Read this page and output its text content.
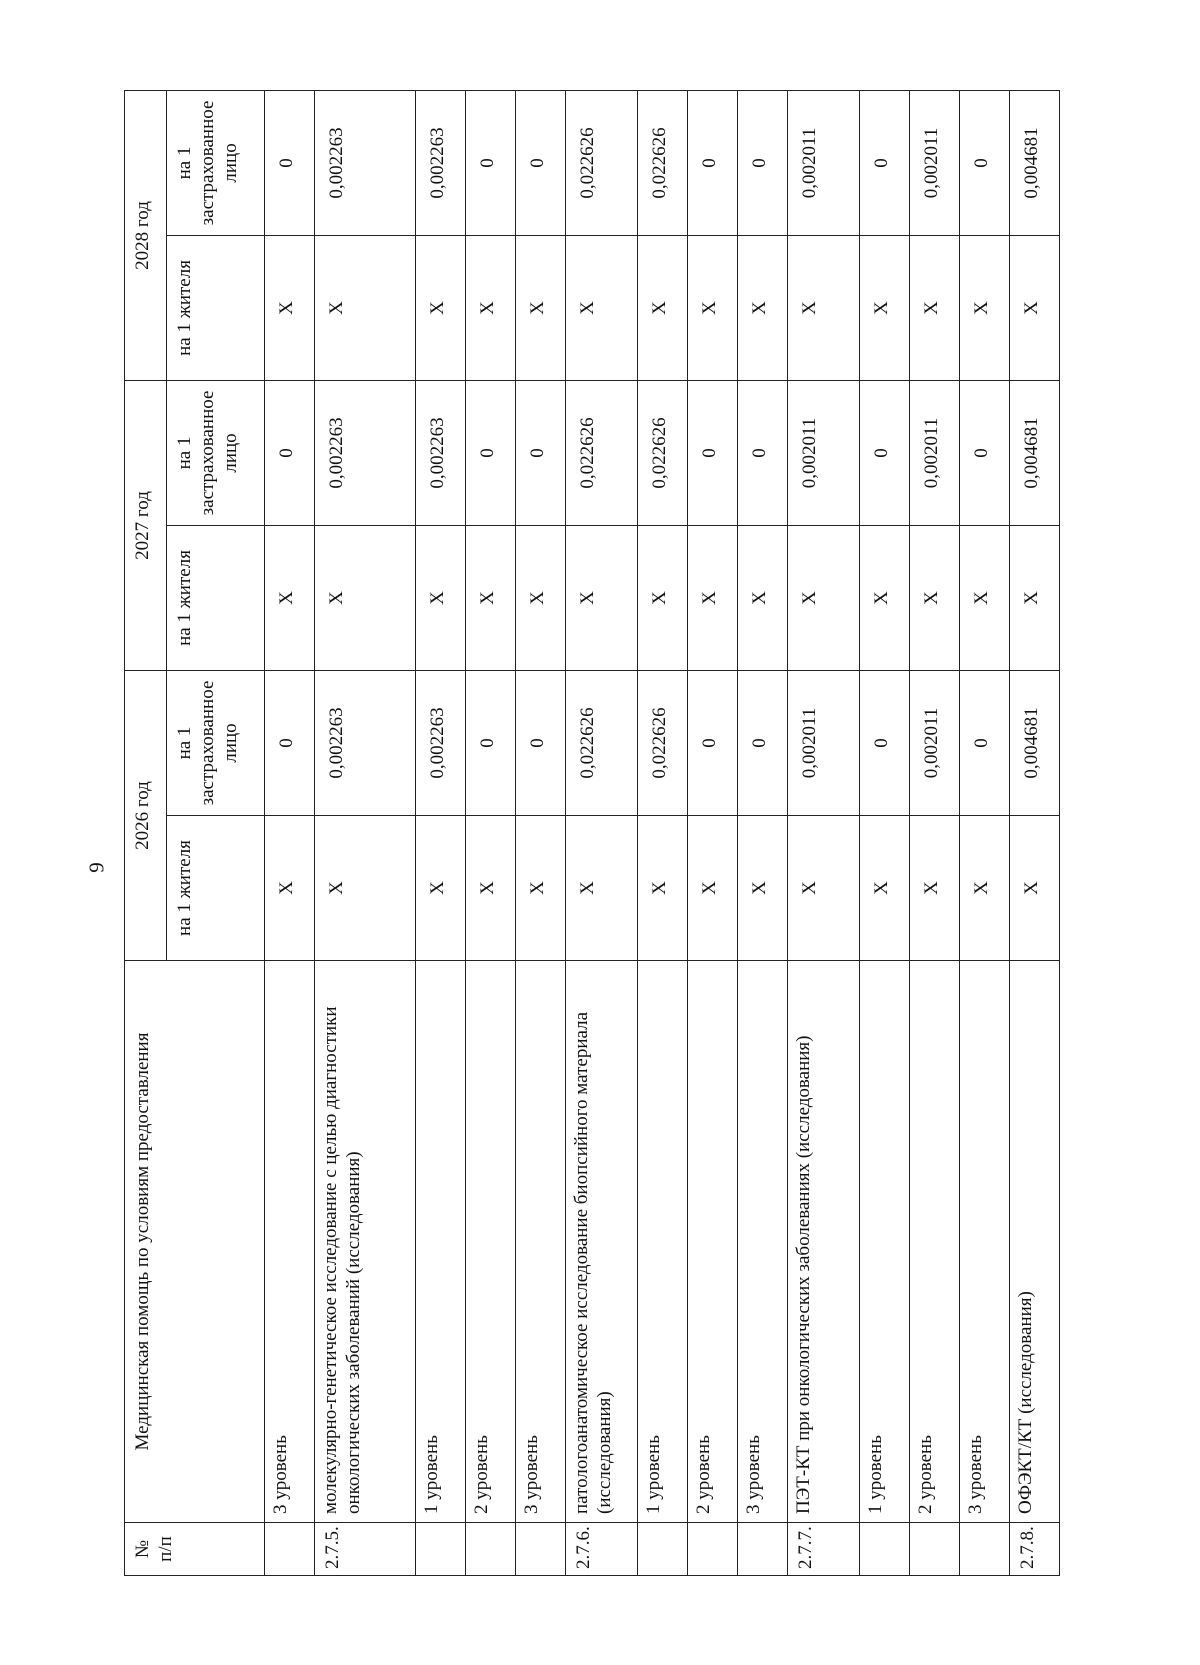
9
№ п/п	Медицинская помощь по условиям предоставления	2026 год		2027 год		2028 год	
		на 1 жителя	на 1 застрахованное лицо	на 1 жителя	на 1 застрахованное лицо	на 1 жителя	на 1 застрахованное лицо
	3 уровень	X	0	X	0	X	0
2.7.5.	молекулярно-генетическое исследование с целью диагностики онкологических заболеваний (исследования)	X	0,002263	X	0,002263	X	0,002263
	1 уровень	X	0,002263	X	0,002263	X	0,002263
	2 уровень	X	0	X	0	X	0
	3 уровень	X	0	X	0	X	0
2.7.6.	патологоанатомическое исследование биопсийного материала (исследования)	X	0,022626	X	0,022626	X	0,022626
	1 уровень	X	0,022626	X	0,022626	X	0,022626
	2 уровень	X	0	X	0	X	0
	3 уровень	X	0	X	0	X	0
2.7.7.	ПЭТ-КТ при онкологических заболеваниях (исследования)	X	0,002011	X	0,002011	X	0,002011
	1 уровень	X	0	X	0	X	0
	2 уровень	X	0,002011	X	0,002011	X	0,002011
	3 уровень	X	0	X	0	X	0
2.7.8.	ОФЭКТ/КТ (исследования)	X	0,004681	X	0,004681	X	0,004681
